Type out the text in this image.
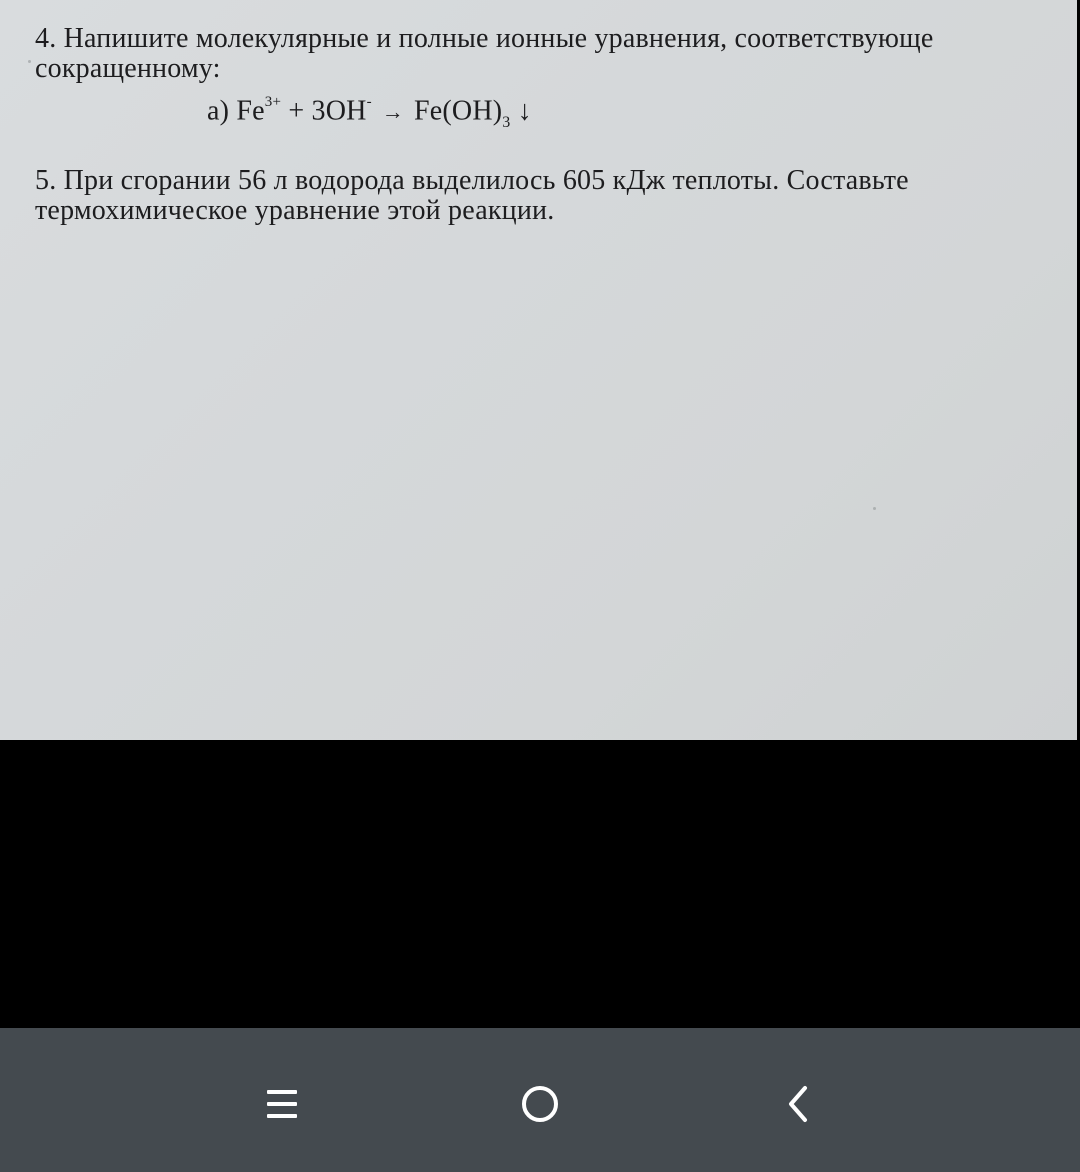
4. Напишите молекулярные и полные ионные уравнения, соответствующе сокращенному:
а) $Fe^{3+} + 3OH^- \to Fe(OH)_3$ ↓
5. При сгорании 56 л водорода выделилось 605 кДж теплоты. Составьте термохимическое уравнение этой реакции.
